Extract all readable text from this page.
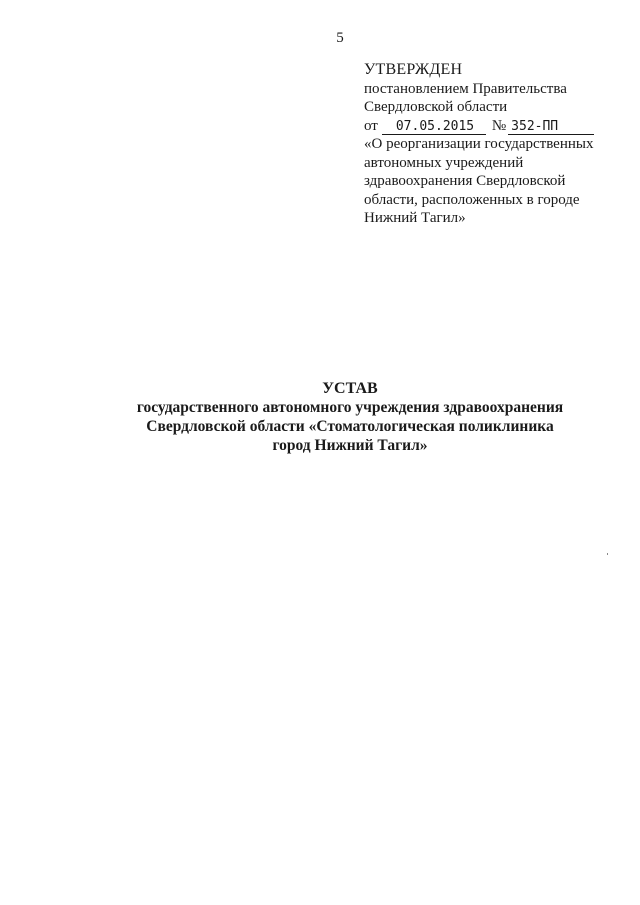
5
УТВЕРЖДЕН
постановлением Правительства
Свердловской области
от	07.05.2015	№ 352-ПП
«О реорганизации государственных
автономных учреждений
здравоохранения Свердловской
области, расположенных в городе
Нижний Тагил»
УСТАВ
государственного автономного учреждения здравоохранения
Свердловской области «Стоматологическая поликлиника
город Нижний Тагил»
